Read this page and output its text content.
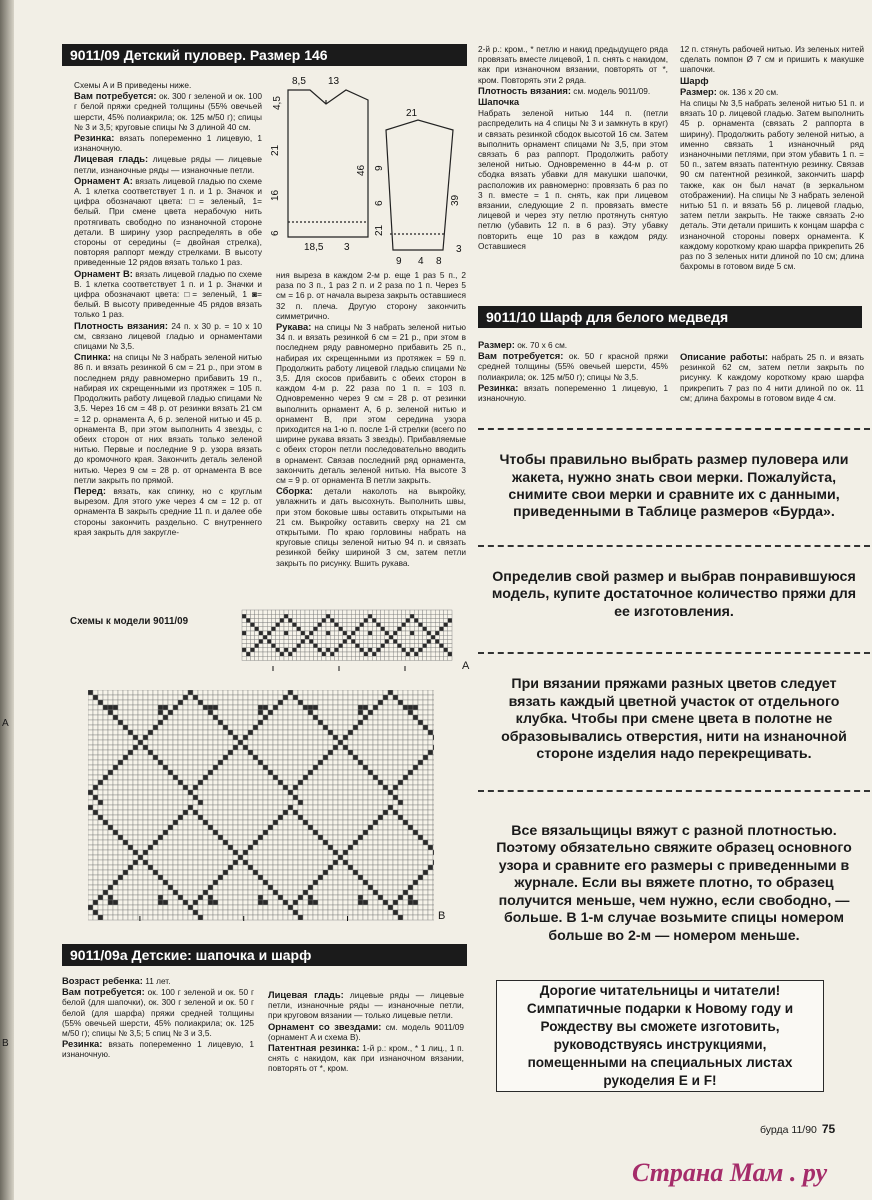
A
B
9011/09 Детский пуловер. Размер 146

Схемы A и B приведены ниже.

Вам потребуется: ок. 300 г зеленой и ок. 100 г белой пряжи средней толщины (55% овечьей шерсти, 45% полиакрила; ок. 125 м/50 г); спицы № 3 и 3,5; круговые спицы № 3 длиной 40 см.

Резинка: вязать попеременно 1 лицевую, 1 изнаночную.

Лицевая гладь: лицевые ряды — лицевые петли, изнаночные ряды — изнаночные петли.

Орнамент A: вязать лицевой гладью по схеме A. 1 клетка соответствует 1 п. и 1 р. Значок и цифра обозначают цвета: □= зеленый, 1= белый. При смене цвета нерабочую нить протягивать свободно по изнаночной стороне детали. В ширину узор распределять в обе стороны от середины (= двойная стрелка), повторяя раппорт между стрелками. В высоту приведенные 12 рядов вязать только 1 раз.

Орнамент B: вязать лицевой гладью по схеме B. 1 клетка соответствует 1 п. и 1 р. Значки и цифра обозначают цвета: □= зеленый, 1 ◙= белый. В высоту приведенные 45 рядов вязать только 1 раз.

Плотность вязания: 24 п. x 30 р. = 10 x 10 см, связано лицевой гладью и орнаментами спицами № 3,5.

Спинка: на спицы № 3 набрать зеленой нитью 86 п. и вязать резинкой 6 см = 21 р., при этом в последнем ряду равномерно прибавить 19 п., набирая их скрещенными из протяжек = 105 п. Продолжить работу лицевой гладью спицами № 3,5. Через 16 см = 48 р. от резинки вязать 21 см = 12 р. орнамента A, 6 р. зеленой нитью и 45 р. орнамента B, при этом выполнить 4 звезды, с обеих сторон от них вязать только зеленой нитью. Первые и последние 9 р. узора вязать до кромочного края. Закончить деталь зеленой нитью. Через 9 см = 28 р. от орнамента B все петли закрыть по прямой.

Перед: вязать, как спинку, но с круглым вырезом. Для этого уже через 4 см = 12 р. от орнамента B закрыть средние 11 п. и далее обе стороны закончить раздельно. С внутреннего края закрыть для закругле-

8,5 13
4,5
21
16
6
18,5 3
46
21
9
6
21
9 4 8
39
3

ния выреза в каждом 2-м р. еще 1 раз 5 п., 2 раза по 3 п., 1 раз 2 п. и 2 раза по 1 п. Через 5 см = 16 р. от начала выреза закрыть оставшиеся 32 п. плеча. Другую сторону закончить симметрично.

Рукава: на спицы № 3 набрать зеленой нитью 34 п. и вязать резинкой 6 см = 21 р., при этом в последнем ряду равномерно прибавить 25 п., набирая их скрещенными из протяжек = 59 п. Продолжить работу лицевой гладью спицами № 3,5. Для скосов прибавить с обеих сторон в каждом 4-м р. 22 раза по 1 п. = 103 п. Одновременно через 9 см = 28 р. от резинки выполнить орнамент A, 6 р. зеленой нитью и орнамент B, при этом середина узора приходится на 1-ю п. после 1-й стрелки (всего по ширине рукава вязать 3 звезды). Прибавляемые с обеих сторон петли последовательно вводить в орнамент. Связав последний ряд орнамента, закончить деталь зеленой нитью. На высоте 3 см = 9 р. от орнамента B петли закрыть.

Сборка: детали наколоть на выкройку, увлажнить и дать высохнуть. Выполнить швы, при этом боковые швы оставить открытыми на 21 см. Выкройку оставить сверху на 21 см открытыми. По краю горловины набрать на круговые спицы зеленой нитью 94 п. и связать резинкой бейку шириной 3 см, затем петли закрыть по рисунку. Вшить рукава.

2-й р.: кром., * петлю и накид предыдущего ряда провязать вместе лицевой, 1 п. снять с накидом, как при изнаночном вязании, повторять от *, кром. Повторять эти 2 ряда.

Плотность вязания: см. модель 9011/09.

Шапочка

Набрать зеленой нитью 144 п. (петли распределить на 4 спицы № 3 и замкнуть в круг) и связать резинкой сбодок высотой 16 см. Затем выполнить орнамент спицами № 3,5, при этом связать 6 раз раппорт. Продолжить работу зеленой нитью. Одновременно в 44-м р. от сбодка вязать убавки для макушки шапочки, расположив их равномерно: провязать 6 раз по 3 п. вместе = 1 п. снять, как при лицевом вязании, следующие 2 п. провязать вместе лицевой и через эту петлю протянуть снятую петлю (убавить 12 п. в 6 раз). Эту убавку повторить еще 10 раз в каждом ряду. Оставшиеся

12 п. стянуть рабочей нитью. Из зеленых нитей сделать помпон Ø 7 см и пришить к макушке шапочки.

Шарф

Размер: ок. 136 x 20 см.

На спицы № 3,5 набрать зеленой нитью 51 п. и вязать 10 р. лицевой гладью. Затем выполнить 45 р. орнамента (связать 2 раппорта в ширину). Продолжить работу зеленой нитью, а именно связать 1 изнаночный ряд изнаночными петлями, при этом убавить 1 п. = 50 п., затем вязать патентную резинку. Связав 90 см патентной резинкой, закончить шарф также, как он был начат (в зеркальном отображении). На спицы № 3 набрать зеленой нитью 51 п. и вязать 56 р. лицевой гладью, затем петли закрыть. Не также связать 2-ю деталь. Эти детали пришить к концам шарфа с изнаночной стороны поверх орнамента. К каждому короткому краю шарфа прикрепить 26 раз по 3 зеленых нити длиной по 10 см; длина бахромы в готовом виде 5 см.

9011/10 Шарф для белого медведя

Размер: ок. 70 x 6 см.

Вам потребуется: ок. 50 г красной пряжи средней толщины (55% овечьей шерсти, 45% полиакрила; ок. 125 м/50 г); спицы № 3,5.

Резинка: вязать попеременно 1 лицевую, 1 изнаночную.

Описание работы: набрать 25 п. и вязать резинкой 62 см, затем петли закрыть по рисунку. К каждому короткому краю шарфа прикрепить 7 раз по 4 нити длиной по ок. 11 см; длина бахромы в готовом виде 4 см.

Чтобы правильно выбрать размер пуловера или жакета, нужно знать свои мерки. Пожалуйста, снимите свои мерки и сравните их с данными, приведенными в Таблице размеров «Бурда».
Определив свой размер и выбрав понравившуюся модель, купите достаточное количество пряжи для ее изготовления.
При вязании пряжами разных цветов следует вязать каждый цветной участок от отдельного клубка. Чтобы при смене цвета в полотне не образовывались отверстия, нити на изнаночной стороне изделия надо перекрещивать.
Все вязальщицы вяжут с разной плотностью. Поэтому обязательно свяжите образец основного узора и сравните его размеры с приведенными в журнале. Если вы вяжете плотно, то образец получится меньше, чем нужно, если свободно, — больше. В 1-м случае возьмите спицы номером больше во 2-м — номером меньше.
Дорогие читательницы и читатели! Симпатичные подарки к Новому году и Рождеству вы сможете изготовить, руководствуясь инструкциями, помещенными на специальных листах рукоделия E и F!
Схемы к модели 9011/09
A
B
9011/09а Детские: шапочка и шарф

Возраст ребенка: 11 лет.

Вам потребуется: ок. 100 г зеленой и ок. 50 г белой (для шапочки), ок. 300 г зеленой и ок. 50 г белой (для шарфа) пряжи средней толщины (55% овечьей шерсти, 45% полиакрила; ок. 125 м/50 г); спицы № 3,5; 5 спиц № 3 и 3,5.

Резинка: вязать попеременно 1 лицевую, 1 изнаночную.

Лицевая гладь: лицевые ряды — лицевые петли, изнаночные ряды — изнаночные петли, при круговом вязании — только лицевые петли.

Орнамент со звездами: см. модель 9011/09 (орнамент A и схема B).

Патентная резинка: 1-й р.: кром., * 1 лиц., 1 п. снять с накидом, как при изнаночном вязании, повторять от *, кром.

бурда 11/90 75
Страна Мам . ру
